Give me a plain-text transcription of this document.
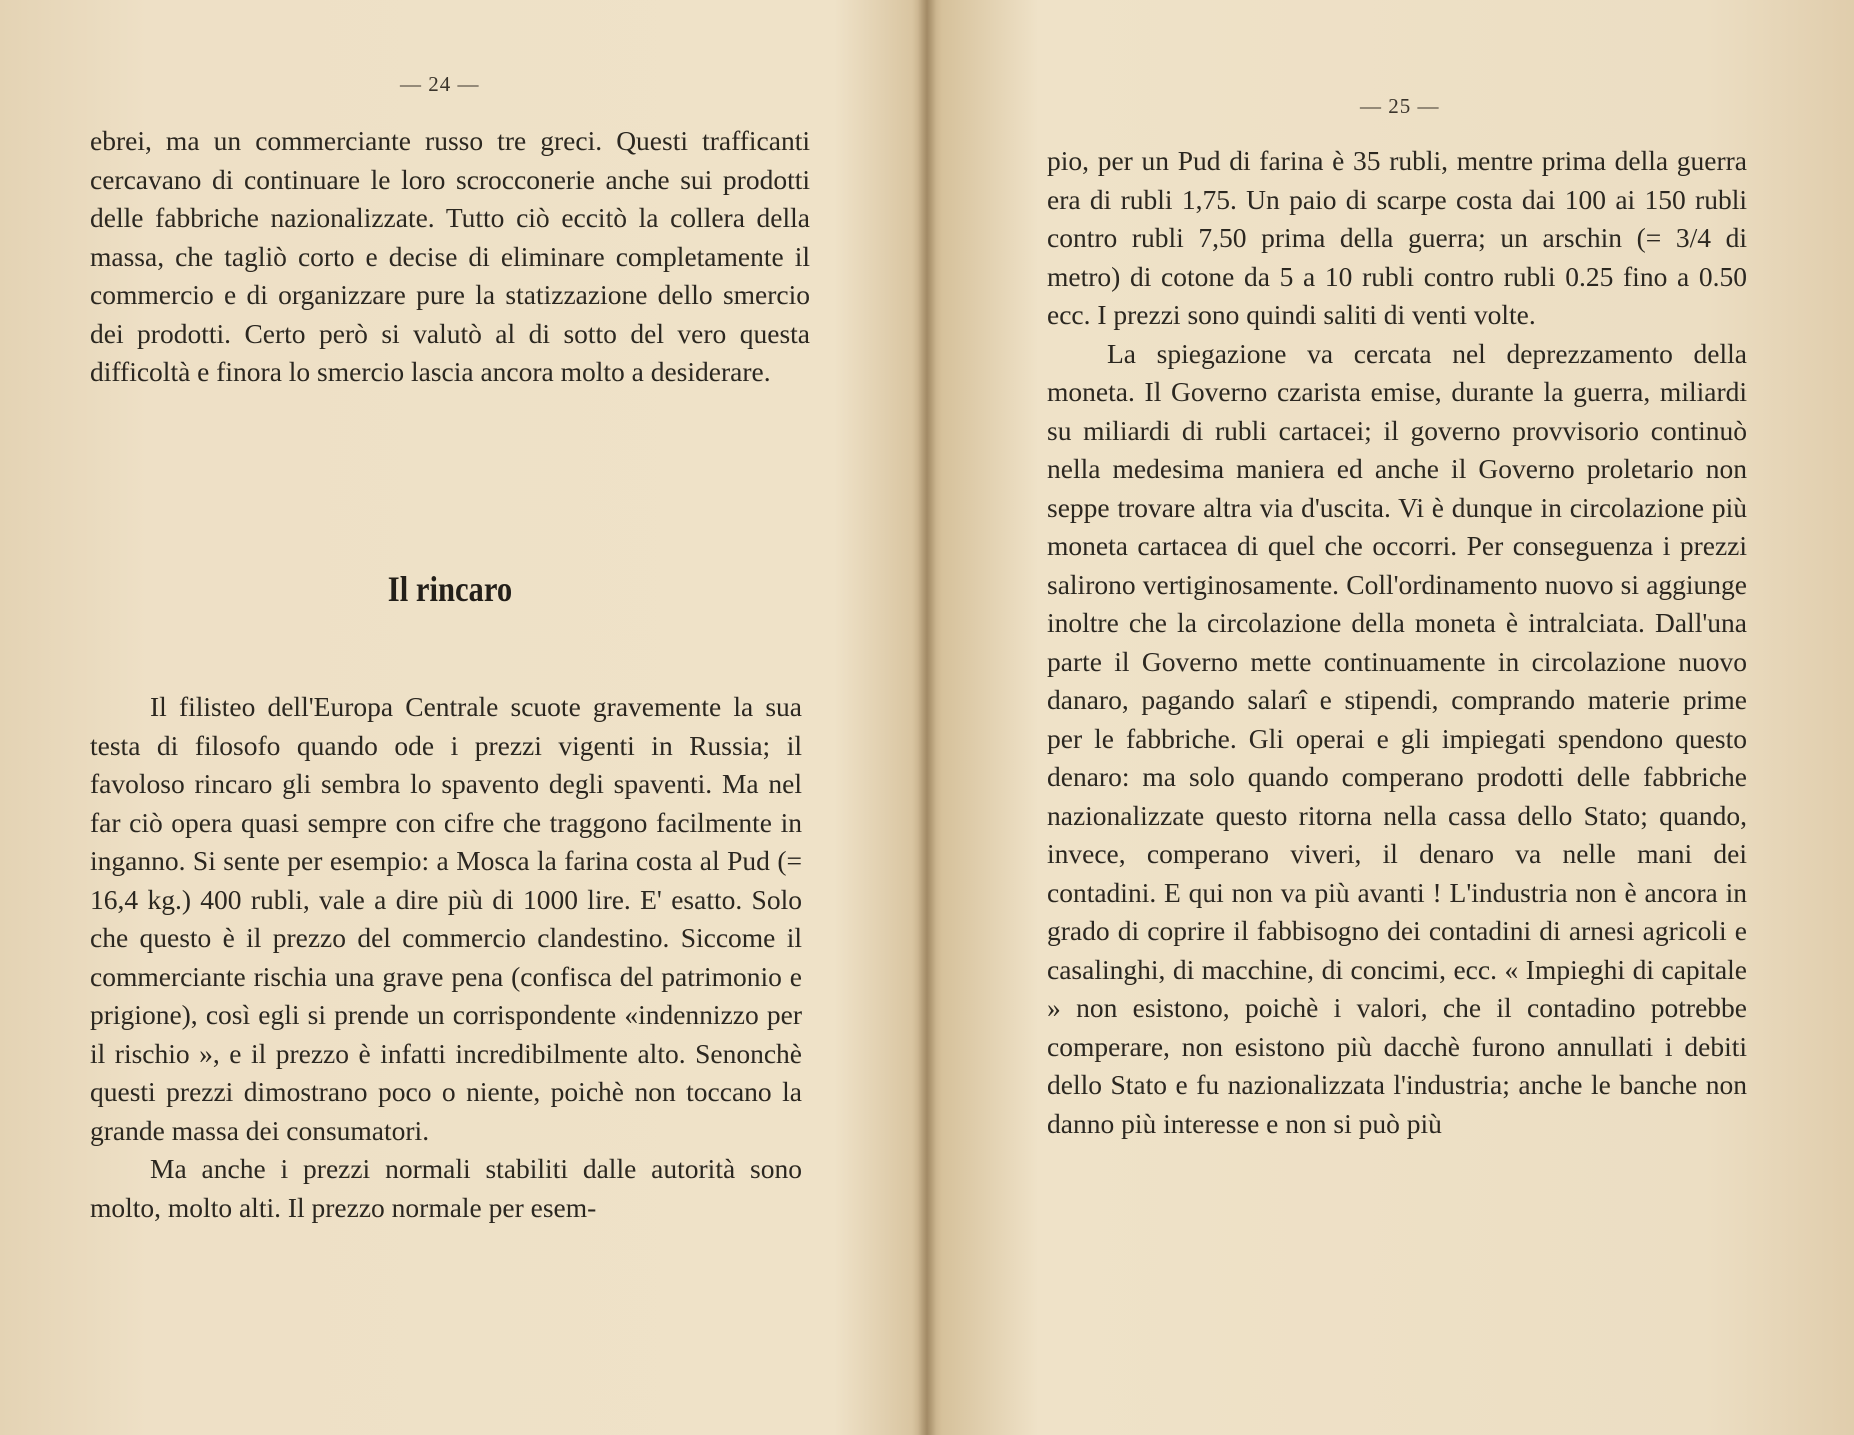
— 24 —

ebrei, ma un commerciante russo tre greci. Questi trafficanti cercavano di continuare le loro scrocconerie anche sui prodotti delle fabbriche nazionalizzate. Tutto ciò eccitò la collera della massa, che tagliò corto e decise di eliminare completamente il commercio e di organizzare pure la statizzazione dello smercio dei prodotti. Certo però si valutò al di sotto del vero questa difficoltà e finora lo smercio lascia ancora molto a desiderare.

Il rincaro

Il filisteo dell'Europa Centrale scuote gravemente la sua testa di filosofo quando ode i prezzi vigenti in Russia; il favoloso rincaro gli sembra lo spavento degli spaventi. Ma nel far ciò opera quasi sempre con cifre che traggono facilmente in inganno. Si sente per esempio: a Mosca la farina costa al Pud (= 16,4 kg.) 400 rubli, vale a dire più di 1000 lire. E' esatto. Solo che questo è il prezzo del commercio clandestino. Siccome il commerciante rischia una grave pena (confisca del patrimonio e prigione), così egli si prende un corrispondente «indennizzo per il rischio », e il prezzo è infatti incredibilmente alto. Senonchè questi prezzi dimostrano poco o niente, poichè non toccano la grande massa dei consumatori.

Ma anche i prezzi normali stabiliti dalle autorità sono molto, molto alti. Il prezzo normale per esem-

— 25 —

pio, per un Pud di farina è 35 rubli, mentre prima della guerra era di rubli 1,75. Un paio di scarpe costa dai 100 ai 150 rubli contro rubli 7,50 prima della guerra; un arschin (= 3/4 di metro) di cotone da 5 a 10 rubli contro rubli 0.25 fino a 0.50 ecc. I prezzi sono quindi saliti di venti volte.

La spiegazione va cercata nel deprezzamento della moneta. Il Governo czarista emise, durante la guerra, miliardi su miliardi di rubli cartacei; il governo provvisorio continuò nella medesima maniera ed anche il Governo proletario non seppe trovare altra via d'uscita. Vi è dunque in circolazione più moneta cartacea di quel che occorri. Per conseguenza i prezzi salirono vertiginosamente. Coll'ordinamento nuovo si aggiunge inoltre che la circolazione della moneta è intralciata. Dall'una parte il Governo mette continuamente in circolazione nuovo danaro, pagando salarî e stipendi, comprando materie prime per le fabbriche. Gli operai e gli impiegati spendono questo denaro: ma solo quando comperano prodotti delle fabbriche nazionalizzate questo ritorna nella cassa dello Stato; quando, invece, comperano viveri, il denaro va nelle mani dei contadini. E qui non va più avanti ! L'industria non è ancora in grado di coprire il fabbisogno dei contadini di arnesi agricoli e casalinghi, di macchine, di concimi, ecc. « Impieghi di capitale » non esistono, poichè i valori, che il contadino potrebbe comperare, non esistono più dacchè furono annullati i debiti dello Stato e fu nazionalizzata l'industria; anche le banche non danno più interesse e non si può più
